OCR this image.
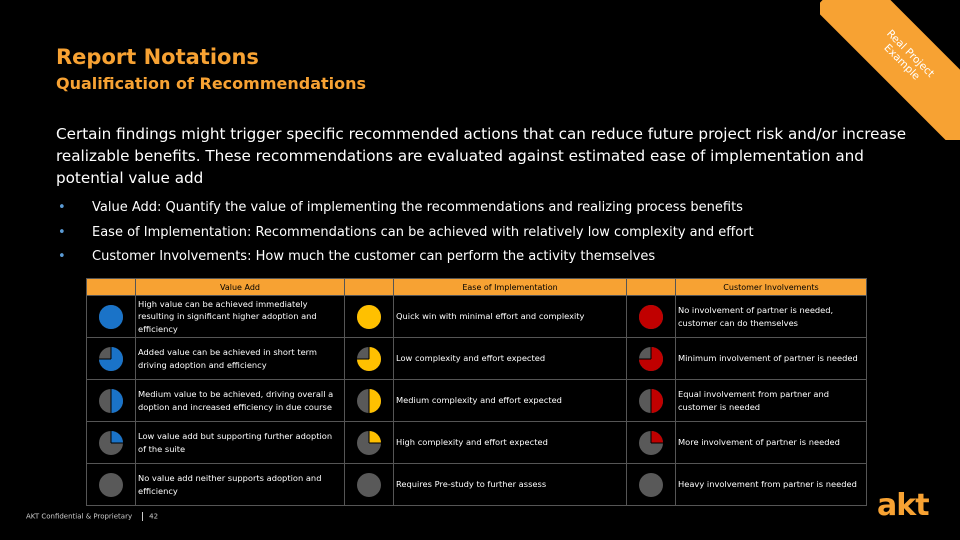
Real Project Example
Report Notations
Qualification of Recommendations
Certain findings might trigger specific recommended actions that can reduce future project risk and/or increase realizable benefits. These recommendations are evaluated against estimated ease of implementation and potential value add
• Value Add: Quantify the value of implementing the recommendations and realizing process benefits
• Ease of Implementation: Recommendations can be achieved with relatively low complexity and effort
• Customer Involvements: How much the customer can perform the activity themselves
	Value Add		Ease of Implementation		Customer Involvements
	High value can be achieved immediately resulting in significant higher adoption and efficiency		Quick win with minimal effort and complexity		No involvement of partner is needed, customer can do themselves
	Added value can be achieved in short term driving adoption and efficiency		Low complexity and effort expected		Minimum involvement of partner is needed
	Medium value to be achieved, driving overall a doption and increased efficiency in due course		Medium complexity and effort expected		Equal involvement from partner and customer is needed
	Low value add but supporting further adoption of the suite		High complexity and effort expected		More involvement of partner is needed
	No value add neither supports adoption and efficiency		Requires Pre-study to further assess		Heavy involvement from partner is needed
AKT Confidential & Proprietary 42	akt
